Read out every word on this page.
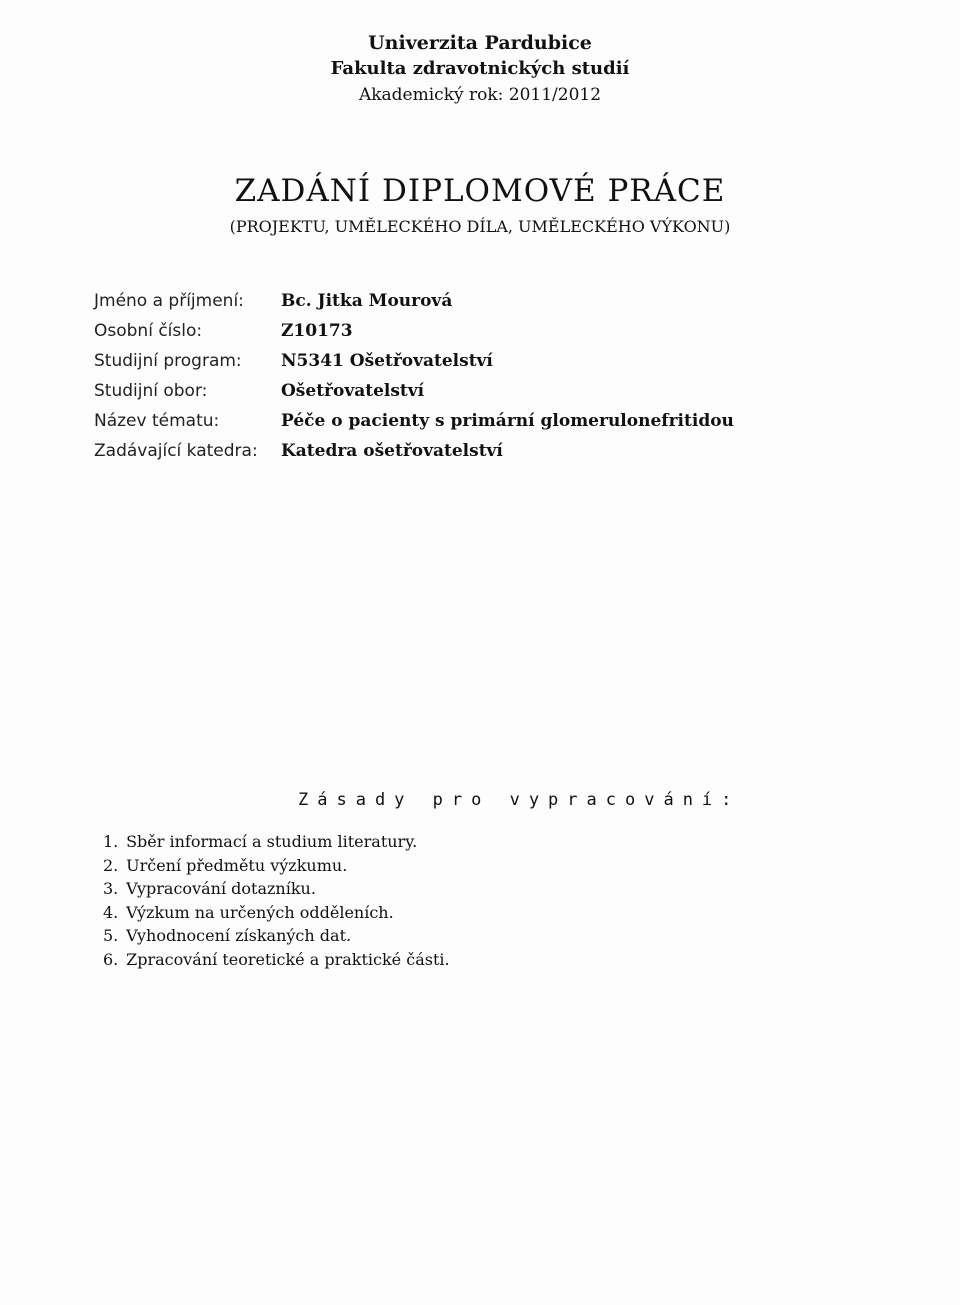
Univerzita Pardubice
Fakulta zdravotnických studií
Akademický rok: 2011/2012
ZADÁNÍ DIPLOMOVÉ PRÁCE
(PROJEKTU, UMĚLECKÉHO DÍLA, UMĚLECKÉHO VÝKONU)
Jméno a příjmení:	Bc. Jitka Mourová
Osobní číslo:	Z10173
Studijní program:	N5341 Ošetřovatelství
Studijní obor:	Ošetřovatelství
Název tématu:	Péče o pacienty s primární glomerulonefritidou
Zadávající katedra:	Katedra ošetřovatelství
Zásady pro vypracování:
1. Sběr informací a studium literatury.
2. Určení předmětu výzkumu.
3. Vypracování dotazníku.
4. Výzkum na určených odděleních.
5. Vyhodnocení získaných dat.
6. Zpracování teoretické a praktické části.
